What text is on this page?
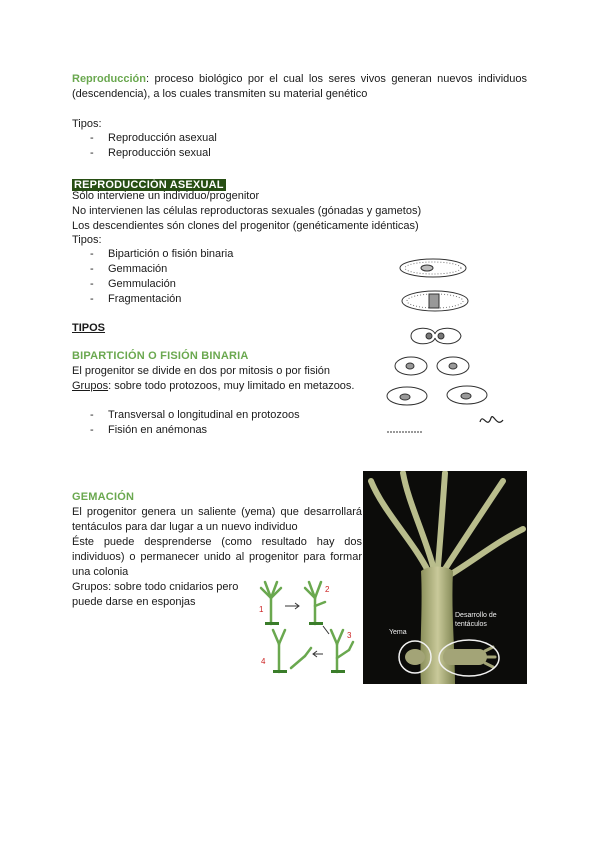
Reproducción: proceso biológico por el cual los seres vivos generan nuevos individuos (descendencia), a los cuales transmiten su material genético

Tipos:

- Reproducción asexual
- Reproducción sexual
REPRODUCCIÓN ASEXUAL

Sólo interviene un individuo/progenitor

No intervienen las células reproductoras sexuales (gónadas y gametos)

Los descendientes són clones del progenitor (genéticamente idénticas)

Tipos:

- Bipartición o fisión binaria
- Gemmación
- Gemmulación
- Fragmentación

TIPOS

BIPARTICIÓN O FISIÓN BINARIA

El progenitor se divide en dos por mitosis o por fisión

Grupos: sobre todo protozoos, muy limitado en metazoos.

- Transversal o longitudinal en protozoos
- Fisión en anémonas

GEMACIÓN

El progenitor genera un saliente (yema) que desarrollará tentáculos para dar lugar a un nuevo individuo

Éste puede desprenderse (como resultado hay dos individuos) o permanecer unido al progenitor para formar una colonia

Grupos: sobre todo cnidarios pero puede darse en esponjas

1
2
3
4
Yema
Desarrollo de tentáculos
